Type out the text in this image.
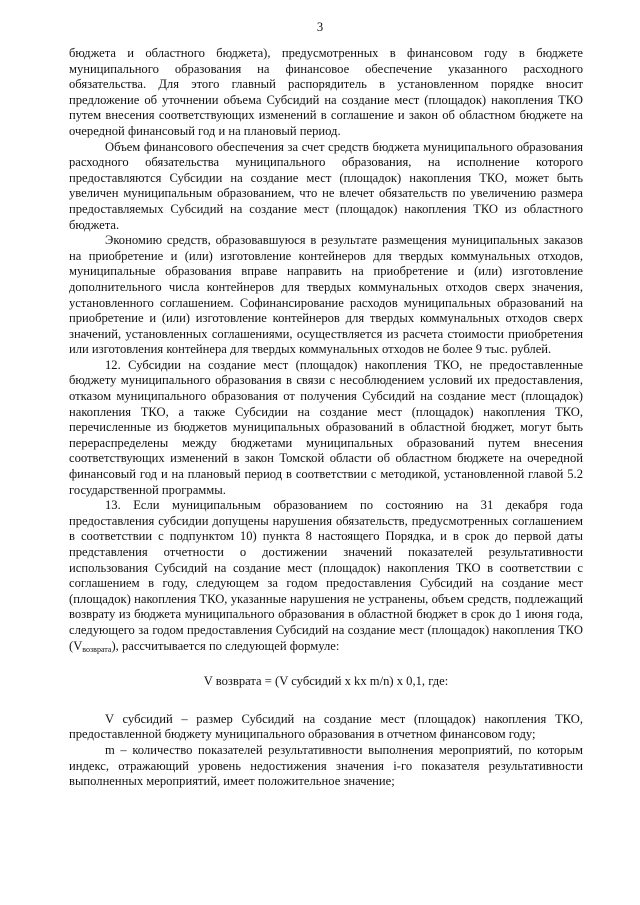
3

бюджета и областного бюджета), предусмотренных в финансовом году в бюджете муниципального образования на финансовое обеспечение указанного расходного обязательства. Для этого главный распорядитель в установленном порядке вносит предложение об уточнении объема Субсидий на создание мест (площадок) накопления ТКО путем внесения соответствующих изменений в соглашение и закон об областном бюджете на очередной финансовый год и на плановый период.

Объем финансового обеспечения за счет средств бюджета муниципального образования расходного обязательства муниципального образования, на исполнение которого предоставляются Субсидии на создание мест (площадок) накопления ТКО, может быть увеличен муниципальным образованием, что не влечет обязательств по увеличению размера предоставляемых Субсидий на создание мест (площадок) накопления ТКО из областного бюджета.

Экономию средств, образовавшуюся в результате размещения муниципальных заказов на приобретение и (или) изготовление контейнеров для твердых коммунальных отходов, муниципальные образования вправе направить на приобретение и (или) изготовление дополнительного числа контейнеров для твердых коммунальных отходов сверх значения, установленного соглашением. Софинансирование расходов муниципальных образований на приобретение и (или) изготовление контейнеров для твердых коммунальных отходов сверх значений, установленных соглашениями, осуществляется из расчета стоимости приобретения или изготовления контейнера для твердых коммунальных отходов не более 9 тыс. рублей.

12. Субсидии на создание мест (площадок) накопления ТКО, не предоставленные бюджету муниципального образования в связи с несоблюдением условий их предоставления, отказом муниципального образования от получения Субсидий на создание мест (площадок) накопления ТКО, а также Субсидии на создание мест (площадок) накопления ТКО, перечисленные из бюджетов муниципальных образований в областной бюджет, могут быть перераспределены между бюджетами муниципальных образований путем внесения соответствующих изменений в закон Томской области об областном бюджете на очередной финансовый год и на плановый период в соответствии с методикой, установленной главой 5.2 государственной программы.

13. Если муниципальным образованием по состоянию на 31 декабря года предоставления субсидии допущены нарушения обязательств, предусмотренных соглашением в соответствии с подпунктом 10) пункта 8 настоящего Порядка, и в срок до первой даты представления отчетности о достижении значений показателей результативности использования Субсидий на создание мест (площадок) накопления ТКО в соответствии с соглашением в году, следующем за годом предоставления Субсидий на создание мест (площадок) накопления ТКО, указанные нарушения не устранены, объем средств, подлежащий возврату из бюджета муниципального образования в областной бюджет в срок до 1 июня года, следующего за годом предоставления Субсидий на создание мест (площадок) накопления ТКО $(V_{возврата})$, рассчитывается по следующей формуле:

V возврата = (V субсидий x kx m/n) x 0,1, где:

V субсидий – размер Субсидий на создание мест (площадок) накопления ТКО, предоставленной бюджету муниципального образования в отчетном финансовом году;

m – количество показателей результативности выполнения мероприятий, по которым индекс, отражающий уровень недостижения значения i-го показателя результативности выполненных мероприятий, имеет положительное значение;
